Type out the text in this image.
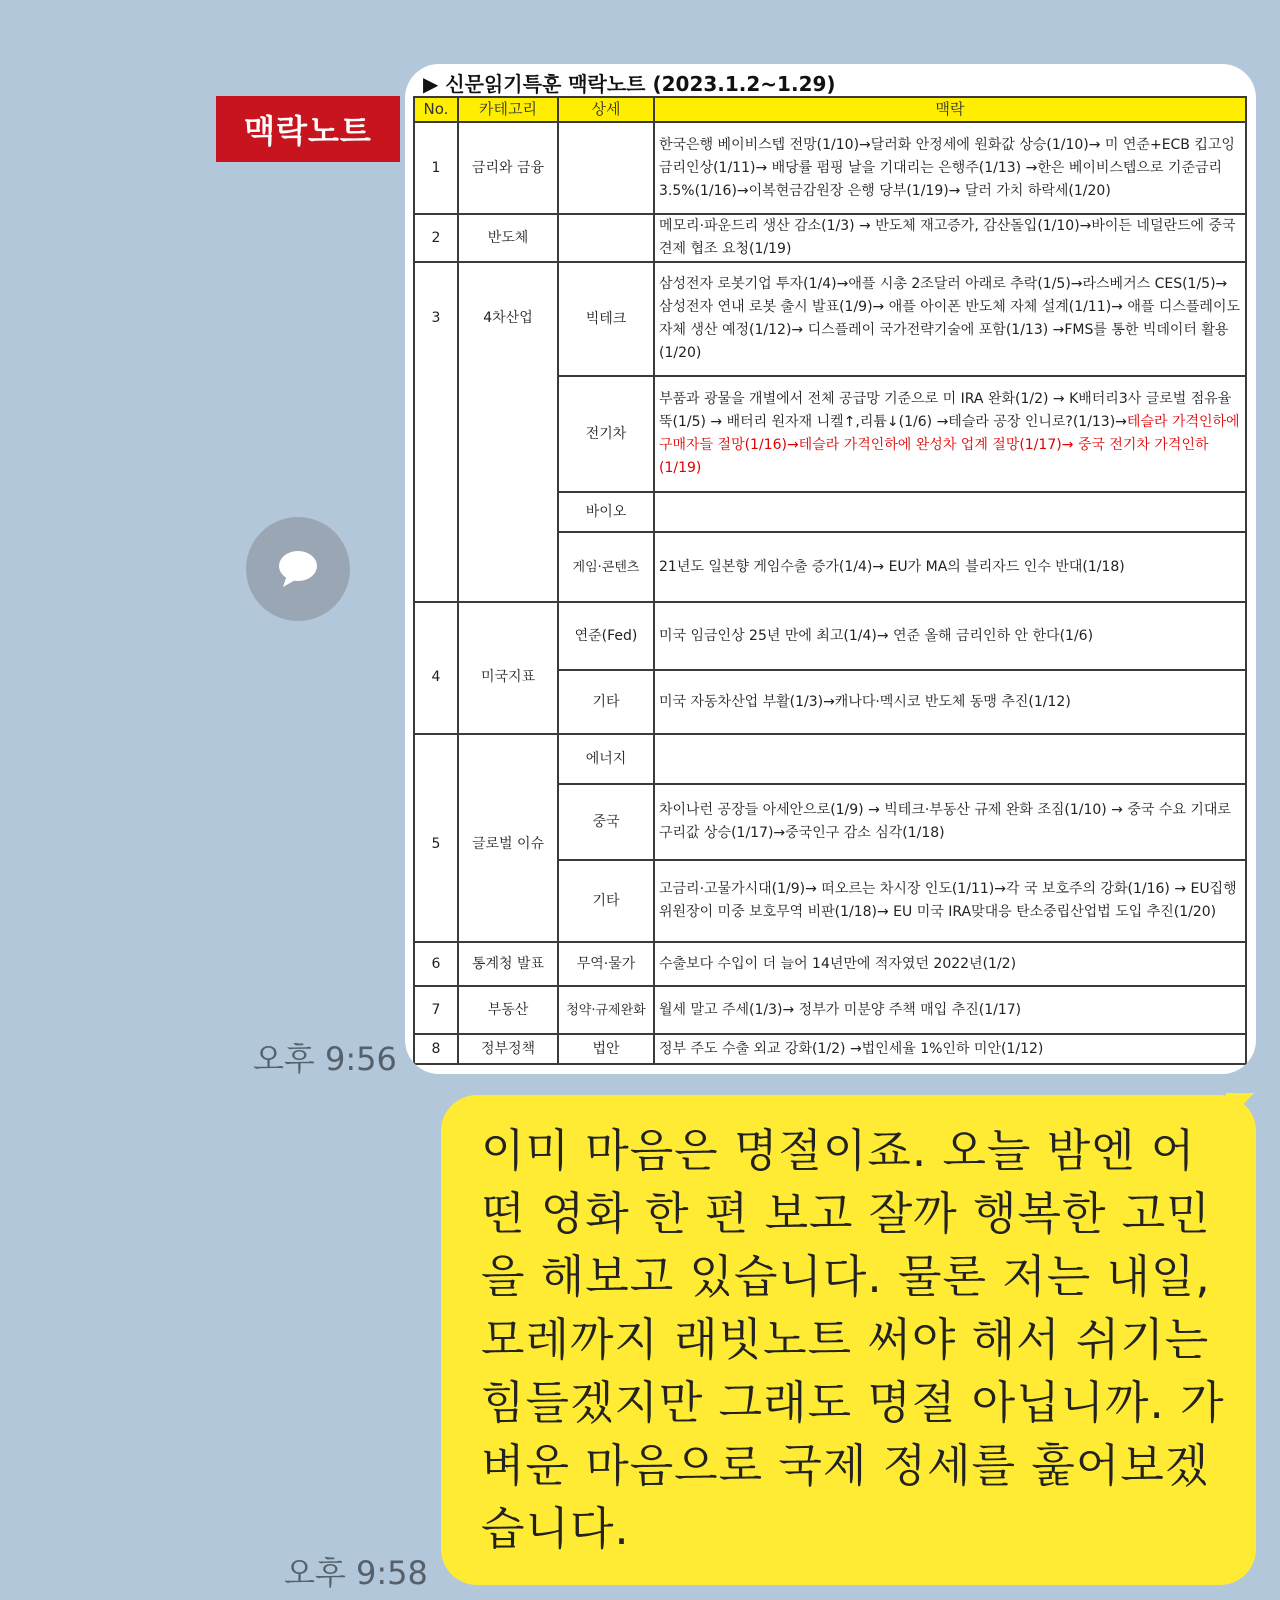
맥락노트
▶ 신문읽기특훈 맥락노트 (2023.1.2~1.29)
No.	카테고리	상세	맥락
1	금리와 금융		한국은행 베이비스텝 전망(1/10)→달러화 안정세에 원화값 상승(1/10)→ 미 연준+ECB 킵고잉 금리인상(1/11)→ 배당률 펌핑 날을 기대리는 은행주(1/13) →한은 베이비스텝으로 기준금리3.5%(1/16)→이복현금감원장 은행 당부(1/19)→ 달러 가치 하락세(1/20)
2	반도체		메모리·파운드리 생산 감소(1/3) → 반도체 재고증가, 감산돌입(1/10)→바이든 네덜란드에 중국견제 협조 요청(1/19)
3	4차산업	빅테크	삼성전자 로봇기업 투자(1/4)→애플 시총 2조달러 아래로 추락(1/5)→라스베거스 CES(1/5)→ 삼성전자 연내 로봇 출시 발표(1/9)→ 애플 아이폰 반도체 자체 설계(1/11)→ 애플 디스플레이도 자체 생산 예정(1/12)→ 디스플레이 국가전략기술에 포함(1/13) →FMS를 통한 빅데이터 활용(1/20)
		전기차	부품과 광물을 개별에서 전체 공급망 기준으로 미 IRA 완화(1/2) → K배터리3사 글로벌 점유율 뚝(1/5) → 배터리 원자재 니켈↑,리튬↓(1/6) →테슬라 공장 인니로?(1/13)→테슬라 가격인하에 구매자들 절망(1/16)→테슬라 가격인하에 완성차 업계 절망(1/17)→ 중국 전기차 가격인하(1/19)
		바이오	
		게임·콘텐츠	21년도 일본향 게임수출 증가(1/4)→ EU가 MA의 블리자드 인수 반대(1/18)
4	미국지표	연준(Fed)	미국 임금인상 25년 만에 최고(1/4)→ 연준 올해 금리인하 안 한다(1/6)
		기타	미국 자동차산업 부활(1/3)→캐나다·멕시코 반도체 동맹 추진(1/12)
5	글로벌 이슈	에너지	
		중국	차이나런 공장들 아세안으로(1/9) → 빅테크·부동산 규제 완화 조짐(1/10) → 중국 수요 기대로 구리값 상승(1/17)→중국인구 감소 심각(1/18)
		기타	고금리·고물가시대(1/9)→ 떠오르는 차시장 인도(1/11)→각 국 보호주의 강화(1/16) → EU집행위원장이 미중 보호무역 비판(1/18)→ EU 미국 IRA맞대응 탄소중립산업법 도입 추진(1/20)
6	통계청 발표	무역·물가	수출보다 수입이 더 늘어 14년만에 적자였던 2022년(1/2)
7	부동산	청약·규제완화	월세 말고 주세(1/3)→ 정부가 미분양 주책 매입 추진(1/17)
8	정부정책	법안	정부 주도 수출 외교 강화(1/2) →법인세율 1%인하 미안(1/12)
오후 9:56
이미 마음은 명절이죠. 오늘 밤엔 어떤 영화 한 편 보고 잘까 행복한 고민을 해보고 있습니다. 물론 저는 내일, 모레까지 래빗노트 써야 해서 쉬기는 힘들겠지만 그래도 명절 아닙니까. 가벼운 마음으로 국제 정세를 훑어보겠습니다.
오후 9:58
